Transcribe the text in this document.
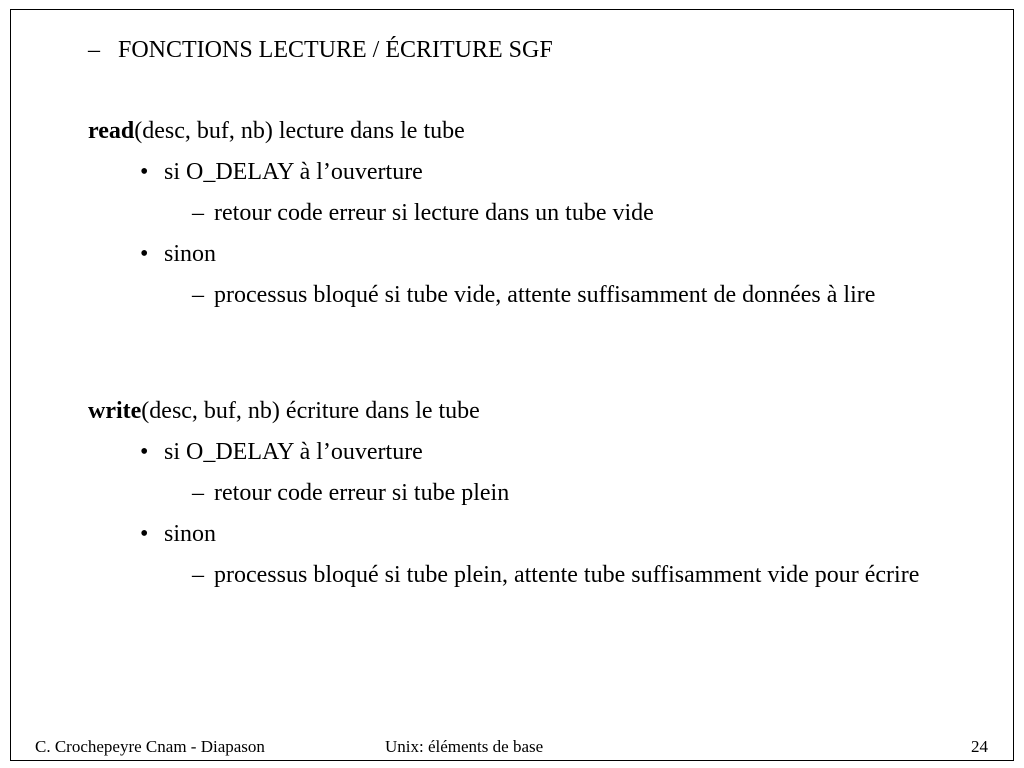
– FONCTIONS LECTURE / ÉCRITURE SGF
read(desc, buf, nb) lecture dans le tube
• si O_DELAY à l’ouverture
– retour code erreur si lecture dans un tube vide
• sinon
– processus bloqué si tube vide, attente suffisamment de données à lire
write(desc, buf, nb) écriture dans le tube
• si O_DELAY à l’ouverture
– retour code erreur si tube plein
• sinon
– processus bloqué si tube plein, attente tube suffisamment vide pour écrire
C. Crochepeyre Cnam - Diapason	Unix: éléments de base	24
